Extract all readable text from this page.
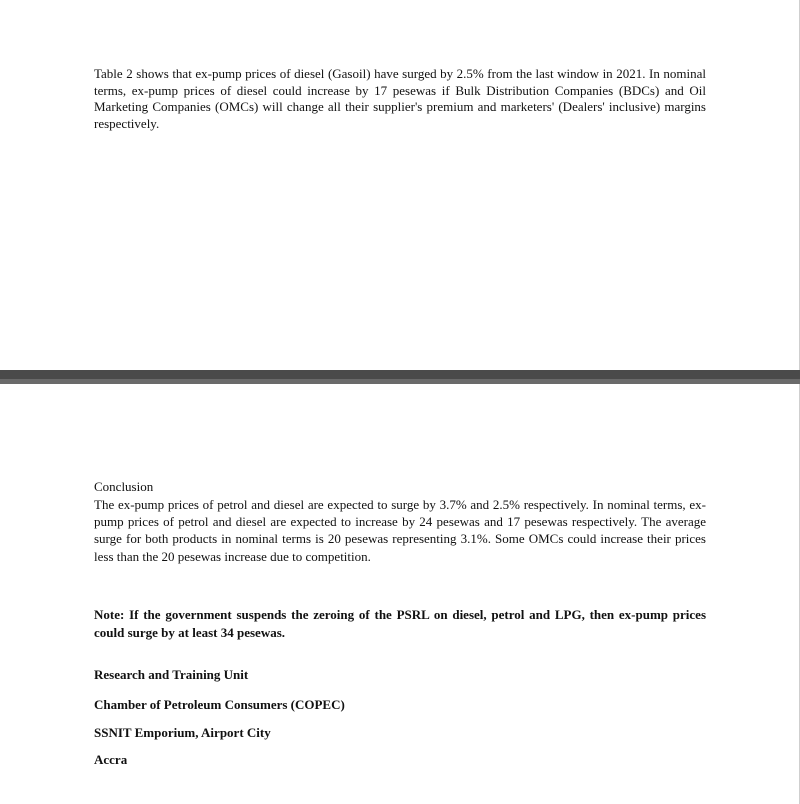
Table 2 shows that ex-pump prices of diesel (Gasoil) have surged by 2.5% from the last window in 2021. In nominal terms, ex-pump prices of diesel could increase by 17 pesewas if Bulk Distribution Companies (BDCs) and Oil Marketing Companies (OMCs) will change all their supplier's premium and marketers' (Dealers' inclusive) margins respectively.

Conclusion

The ex-pump prices of petrol and diesel are expected to surge by 3.7% and 2.5% respectively. In nominal terms, ex-pump prices of petrol and diesel are expected to increase by 24 pesewas and 17 pesewas respectively. The average surge for both products in nominal terms is 20 pesewas representing 3.1%. Some OMCs could increase their prices less than the 20 pesewas increase due to competition.

Note: If the government suspends the zeroing of the PSRL on diesel, petrol and LPG, then ex-pump prices could surge by at least 34 pesewas.

Research and Training Unit

Chamber of Petroleum Consumers (COPEC)

SSNIT Emporium, Airport City

Accra
